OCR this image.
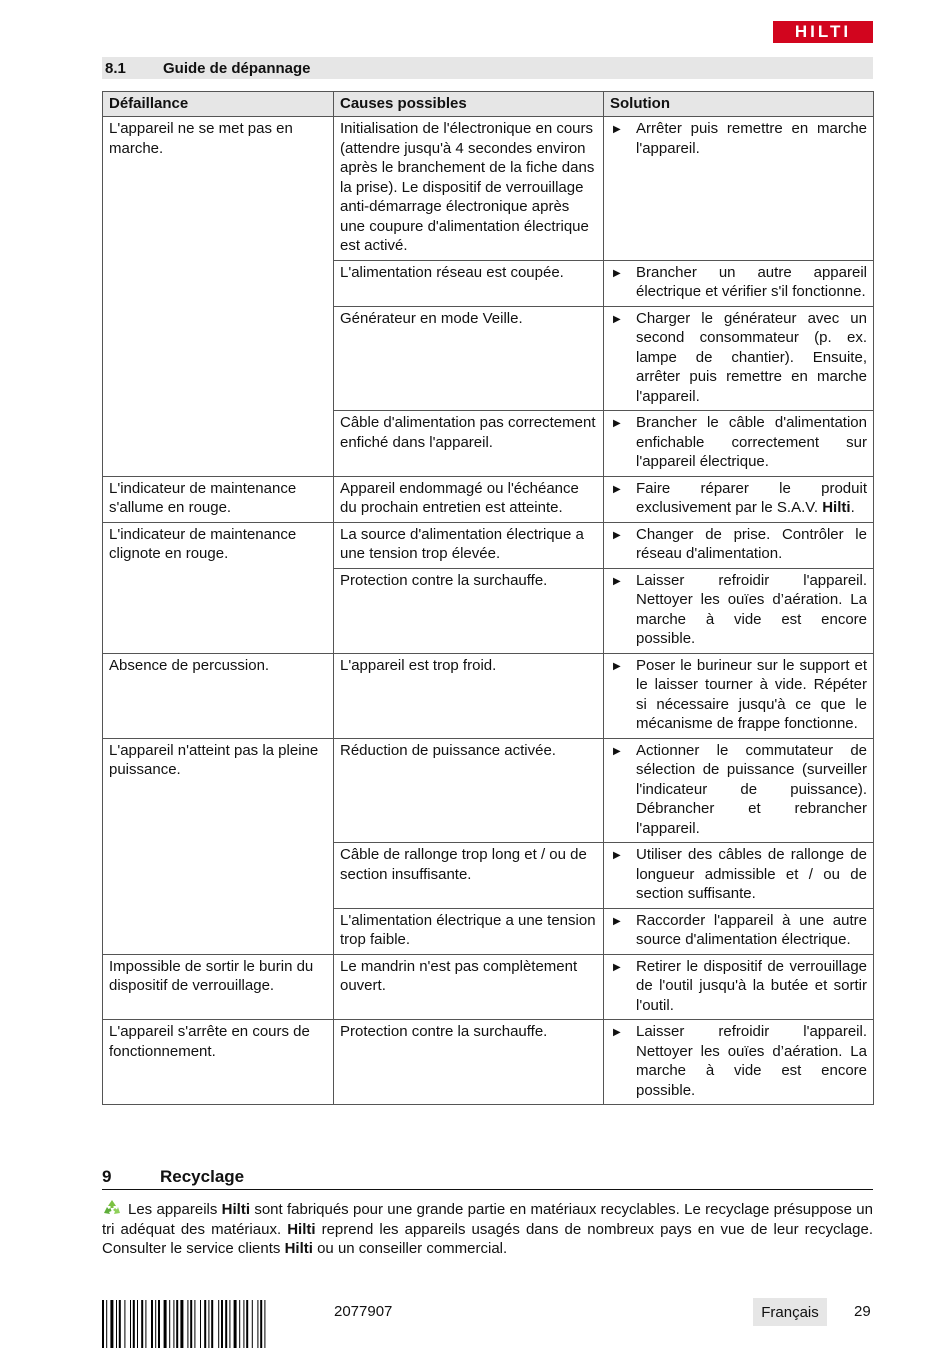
HILTI
8.1	Guide de dépannage
Défaillance	Causes possibles	Solution
L'appareil ne se met pas en marche.	Initialisation de l'électronique en cours (attendre jusqu'à 4 secondes environ après le branchement de la fiche dans la prise). Le dispositif de verrouillage anti-démarrage électronique après une coupure d'alimentation électrique est activé.	▶ Arrêter puis remettre en marche l'appareil.
	L'alimentation réseau est coupée.	▶ Brancher un autre appareil électrique et vérifier s'il fonctionne.
	Générateur en mode Veille.	▶ Charger le générateur avec un second consommateur (p. ex. lampe de chantier). Ensuite, arrêter puis remettre en marche l'appareil.
	Câble d'alimentation pas correctement enfiché dans l'appareil.	▶ Brancher le câble d'alimentation enfichable correctement sur l'appareil électrique.
L'indicateur de maintenance s'allume en rouge.	Appareil endommagé ou l'échéance du prochain entretien est atteinte.	▶ Faire réparer le produit exclusivement par le S.A.V. Hilti.
L'indicateur de maintenance clignote en rouge.	La source d'alimentation électrique a une tension trop élevée.	▶ Changer de prise. Contrôler le réseau d'alimentation.
	Protection contre la surchauffe.	▶ Laisser refroidir l'appareil. Nettoyer les ouïes d’aération. La marche à vide est encore possible.
Absence de percussion.	L'appareil est trop froid.	▶ Poser le burineur sur le support et le laisser tourner à vide. Répéter si nécessaire jusqu'à ce que le mécanisme de frappe fonctionne.
L'appareil n'atteint pas la pleine puissance.	Réduction de puissance activée.	▶ Actionner le commutateur de sélection de puissance (surveiller l'indicateur de puissance). Débrancher et rebrancher l'appareil.
	Câble de rallonge trop long et / ou de section insuffisante.	▶ Utiliser des câbles de rallonge de longueur admissible et / ou de section suffisante.
	L'alimentation électrique a une tension trop faible.	▶ Raccorder l'appareil à une autre source d'alimentation électrique.
Impossible de sortir le burin du dispositif de verrouillage.	Le mandrin n'est pas complètement ouvert.	▶ Retirer le dispositif de verrouillage de l'outil jusqu'à la butée et sortir l'outil.
L'appareil s'arrête en cours de fonctionnement.	Protection contre la surchauffe.	▶ Laisser refroidir l'appareil. Nettoyer les ouïes d’aération. La marche à vide est encore possible.
9	Recyclage
Les appareils Hilti sont fabriqués pour une grande partie en matériaux recyclables. Le recyclage présuppose un tri adéquat des matériaux. Hilti reprend les appareils usagés dans de nombreux pays en vue de leur recyclage. Consulter le service clients Hilti ou un conseiller commercial.
2077907	Français	29
